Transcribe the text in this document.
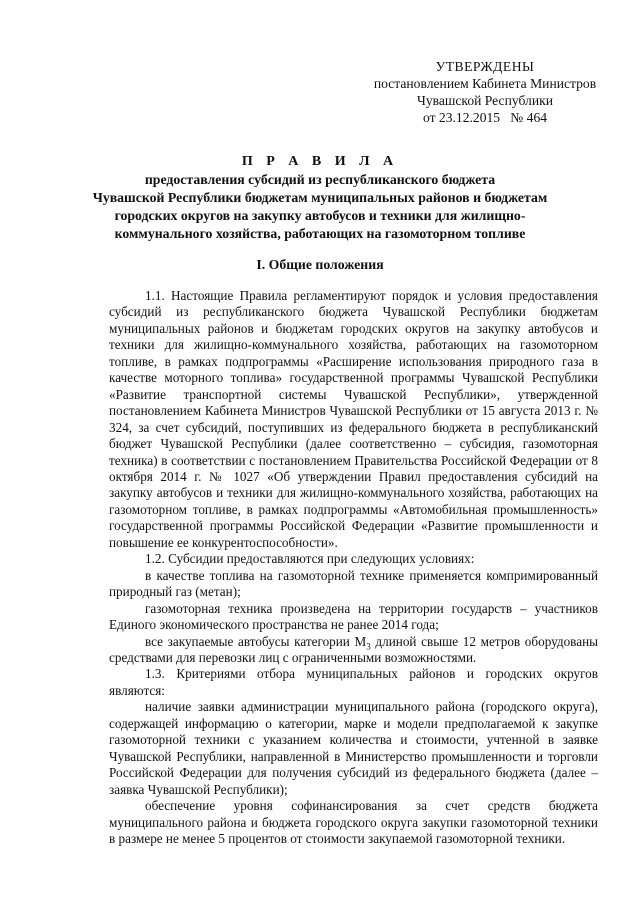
УТВЕРЖДЕНЫ
постановлением Кабинета Министров
Чувашской Республики
от 23.12.2015   № 464
П Р А В И Л А
предоставления субсидий из республиканского бюджета
Чувашской Республики бюджетам муниципальных районов и бюджетам
городских округов на закупку автобусов и техники для жилищно-
коммунального хозяйства, работающих на газомоторном топливе
I. Общие положения

1.1. Настоящие Правила регламентируют порядок и условия предоставления субсидий из республиканского бюджета Чувашской Республики бюджетам муниципальных районов и бюджетам городских округов на закупку автобусов и техники для жилищно-коммунального хозяйства, работающих на газомоторном топливе, в рамках подпрограммы «Расширение использования природного газа в качестве моторного топлива» государственной программы Чувашской Республики «Развитие транспортной системы Чувашской Республики», утвержденной постановлением Кабинета Министров Чувашской Республики от 15 августа 2013 г. № 324, за счет субсидий, поступивших из федерального бюджета в республиканский бюджет Чувашской Республики (далее соответственно – субсидия, газомоторная техника) в соответствии с постановлением Правительства Российской Федерации от 8 октября 2014 г. № 1027 «Об утверждении Правил предоставления субсидий на закупку автобусов и техники для жилищно-коммунального хозяйства, работающих на газомоторном топливе, в рамках подпрограммы «Автомобильная промышленность» государственной программы Российской Федерации «Развитие промышленности и повышение ее конкурентоспособности».

1.2. Субсидии предоставляются при следующих условиях:

в качестве топлива на газомоторной технике применяется компримированный природный газ (метан);

газомоторная техника произведена на территории государств – участников Единого экономического пространства не ранее 2014 года;

все закупаемые автобусы категории $M_3$ длиной свыше 12 метров оборудованы средствами для перевозки лиц с ограниченными возможностями.

1.3. Критериями отбора муниципальных районов и городских округов являются:

наличие заявки администрации муниципального района (городского округа), содержащей информацию о категории, марке и модели предполагаемой к закупке газомоторной техники с указанием количества и стоимости, учтенной в заявке Чувашской Республики, направленной в Министерство промышленности и торговли Российской Федерации для получения субсидий из федерального бюджета (далее – заявка Чувашской Республики);

обеспечение уровня софинансирования за счет средств бюджета муниципального района и бюджета городского округа закупки газомоторной техники в размере не менее 5 процентов от стоимости закупаемой газомоторной техники.
